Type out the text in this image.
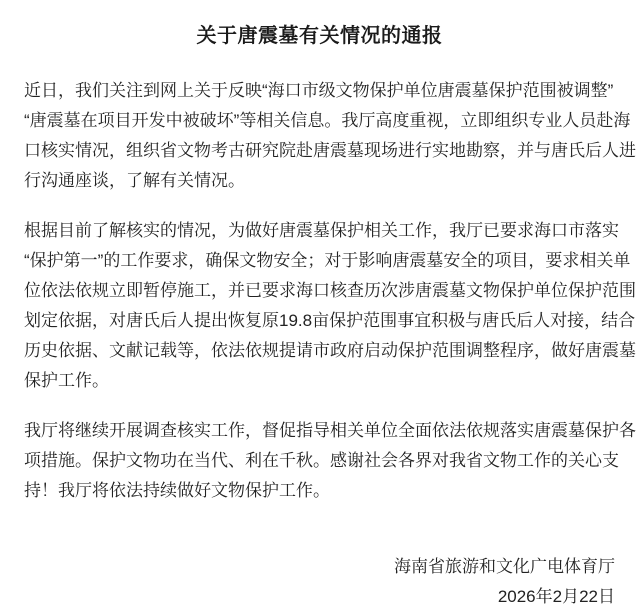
关于唐震墓有关情况的通报
近日，我们关注到网上关于反映“海口市级文物保护单位唐震墓保护范围被调整”
“唐震墓在项目开发中被破坏”等相关信息。我厅高度重视，立即组织专业人员赴海
口核实情况，组织省文物考古研究院赴唐震墓现场进行实地勘察，并与唐氏后人进
行沟通座谈，了解有关情况。
根据目前了解核实的情况，为做好唐震墓保护相关工作，我厅已要求海口市落实
“保护第一”的工作要求，确保文物安全；对于影响唐震墓安全的项目，要求相关单
位依法依规立即暂停施工，并已要求海口核查历次涉唐震墓文物保护单位保护范围
划定依据，对唐氏后人提出恢复原19.8亩保护范围事宜积极与唐氏后人对接，结合
历史依据、文献记载等，依法依规提请市政府启动保护范围调整程序，做好唐震墓
保护工作。
我厅将继续开展调查核实工作，督促指导相关单位全面依法依规落实唐震墓保护各
项措施。保护文物功在当代、利在千秋。感谢社会各界对我省文物工作的关心支
持！我厅将依法持续做好文物保护工作。
海南省旅游和文化广电体育厅
2026年2月22日
